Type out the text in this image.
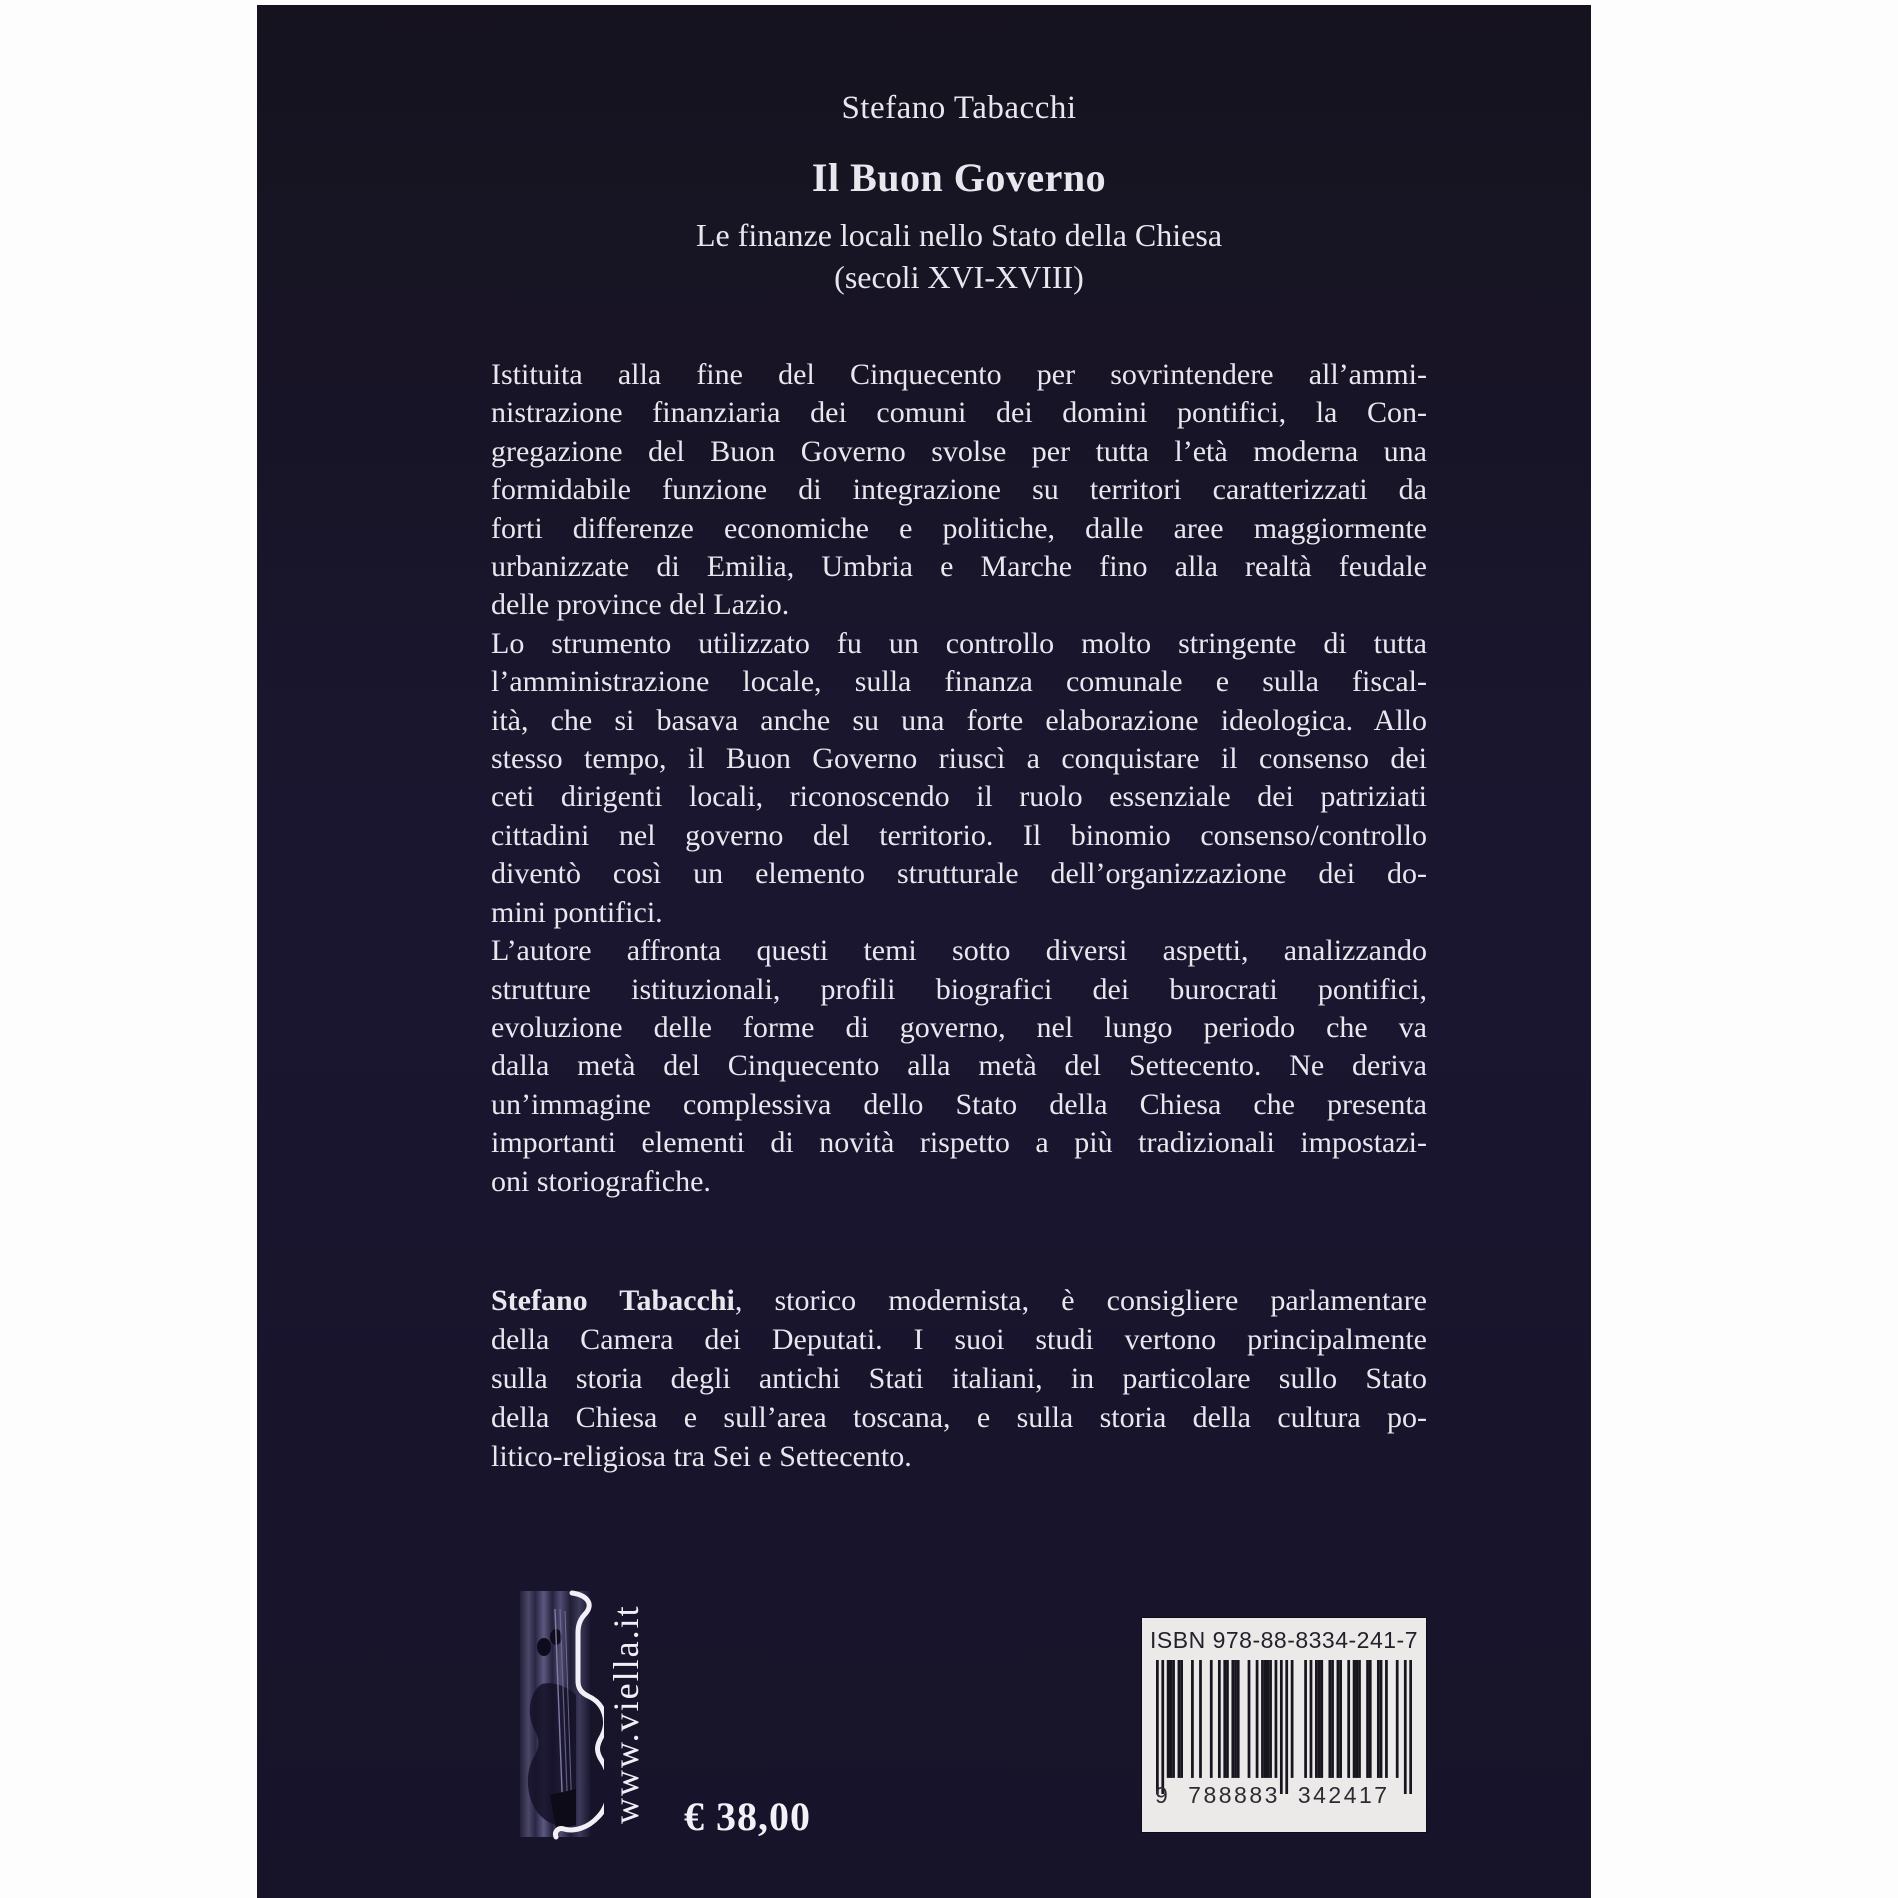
Stefano Tabacchi
Il Buon Governo
Le finanze locali nello Stato della Chiesa
(secoli XVI-XVIII)
Istituita alla fine del Cinquecento per sovrintendere all’ammi-
nistrazione finanziaria dei comuni dei domini pontifici, la Con-
gregazione del Buon Governo svolse per tutta l’età moderna una
formidabile funzione di integrazione su territori caratterizzati da
forti differenze economiche e politiche, dalle aree maggiormente
urbanizzate di Emilia, Umbria e Marche fino alla realtà feudale
delle province del Lazio.
Lo strumento utilizzato fu un controllo molto stringente di tutta
l’amministrazione locale, sulla finanza comunale e sulla fiscal-
ità, che si basava anche su una forte elaborazione ideologica. Allo
stesso tempo, il Buon Governo riuscì a conquistare il consenso dei
ceti dirigenti locali, riconoscendo il ruolo essenziale dei patriziati
cittadini nel governo del territorio. Il binomio consenso/controllo
diventò così un elemento strutturale dell’organizzazione dei do-
mini pontifici.
L’autore affronta questi temi sotto diversi aspetti, analizzando
strutture istituzionali, profili biografici dei burocrati pontifici,
evoluzione delle forme di governo, nel lungo periodo che va
dalla metà del Cinquecento alla metà del Settecento. Ne deriva
un’immagine complessiva dello Stato della Chiesa che presenta
importanti elementi di novità rispetto a più tradizionali impostazi-
oni storiografiche.
Stefano Tabacchi, storico modernista, è consigliere parlamentare
della Camera dei Deputati. I suoi studi vertono principalmente
sulla storia degli antichi Stati italiani, in particolare sullo Stato
della Chiesa e sull’area toscana, e sulla storia della cultura po-
litico-religiosa tra Sei e Settecento.
www.viella.it € 38,00
ISBN 978-88-8334-241-7
9 788883 342417
